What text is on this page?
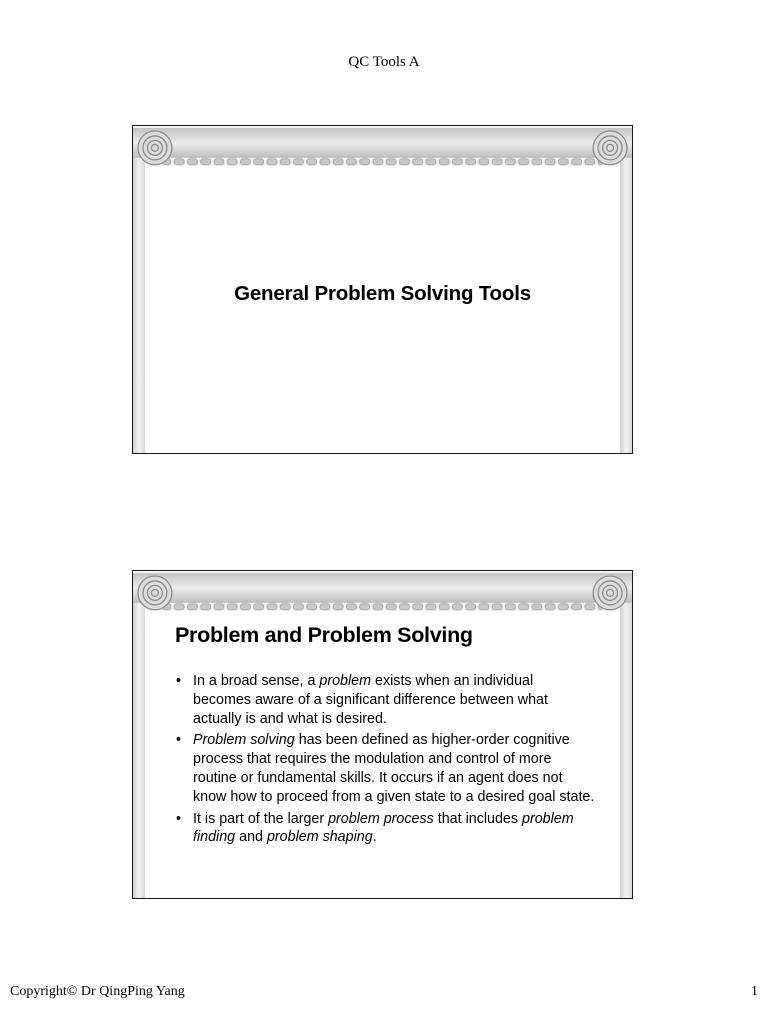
QC Tools A
General Problem Solving Tools
Problem and Problem Solving
• In a broad sense, a problem exists when an individual becomes aware of a significant difference between what actually is and what is desired.
• Problem solving has been defined as higher-order cognitive process that requires the modulation and control of more routine or fundamental skills. It occurs if an agent does not know how to proceed from a given state to a desired goal state.
• It is part of the larger problem process that includes problem finding and problem shaping.
Copyright© Dr QingPing Yang	1
